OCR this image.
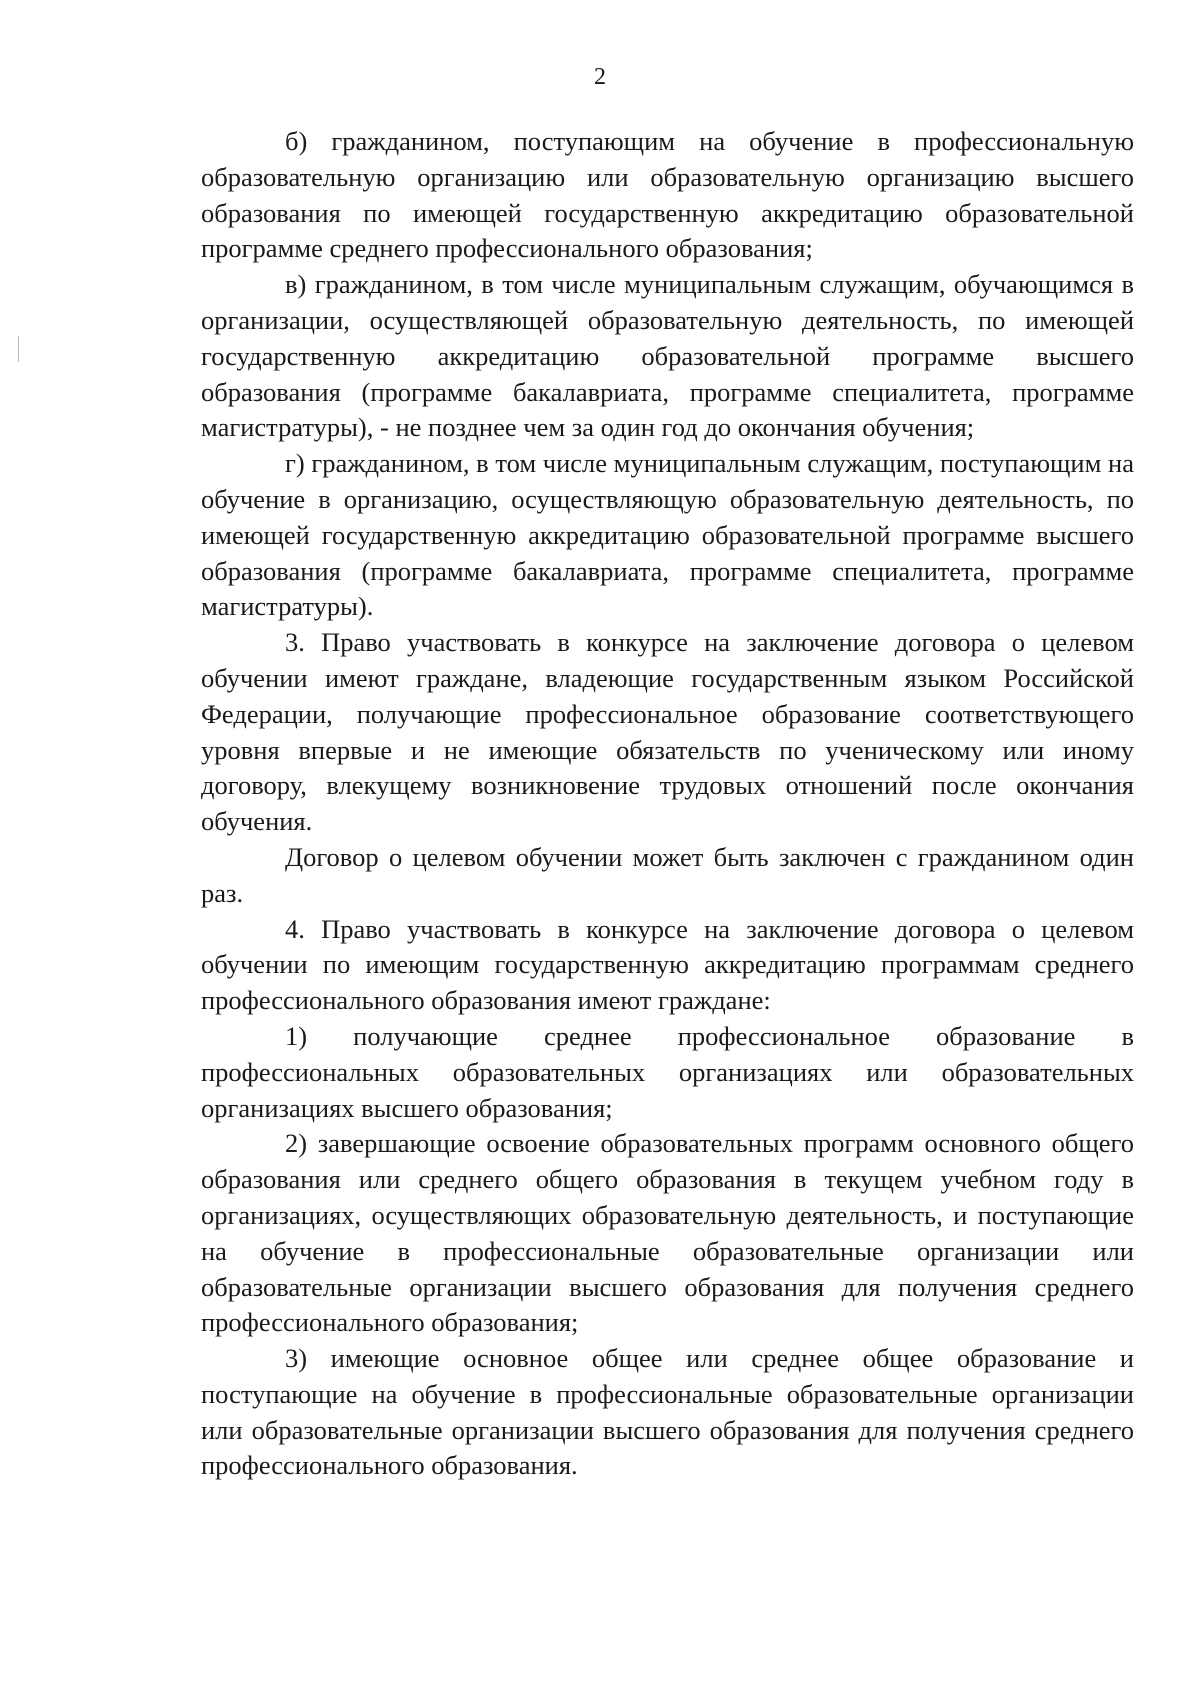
2

б) гражданином, поступающим на обучение в профессиональную образовательную организацию или образовательную организацию высшего образования по имеющей государственную аккредитацию образовательной программе среднего профессионального образования;

в) гражданином, в том числе муниципальным служащим, обучающимся в организации, осуществляющей образовательную деятельность, по имеющей государственную аккредитацию образовательной программе высшего образования (программе бакалавриата, программе специалитета, программе магистратуры), - не позднее чем за один год до окончания обучения;

г) гражданином, в том числе муниципальным служащим, поступающим на обучение в организацию, осуществляющую образовательную деятельность, по имеющей государственную аккредитацию образовательной программе высшего образования (программе бакалавриата, программе специалитета, программе магистратуры).

3. Право участвовать в конкурсе на заключение договора о целевом обучении имеют граждане, владеющие государственным языком Российской Федерации, получающие профессиональное образование соответствующего уровня впервые и не имеющие обязательств по ученическому или иному договору, влекущему возникновение трудовых отношений после окончания обучения.

Договор о целевом обучении может быть заключен с гражданином один раз.

4. Право участвовать в конкурсе на заключение договора о целевом обучении по имеющим государственную аккредитацию программам среднего профессионального образования имеют граждане:

1) получающие среднее профессиональное образование в профессиональных образовательных организациях или образовательных организациях высшего образования;

2) завершающие освоение образовательных программ основного общего образования или среднего общего образования в текущем учебном году в организациях, осуществляющих образовательную деятельность, и поступающие на обучение в профессиональные образовательные организации или образовательные организации высшего образования для получения среднего профессионального образования;

3) имеющие основное общее или среднее общее образование и поступающие на обучение в профессиональные образовательные организации или образовательные организации высшего образования для получения среднего профессионального образования.
